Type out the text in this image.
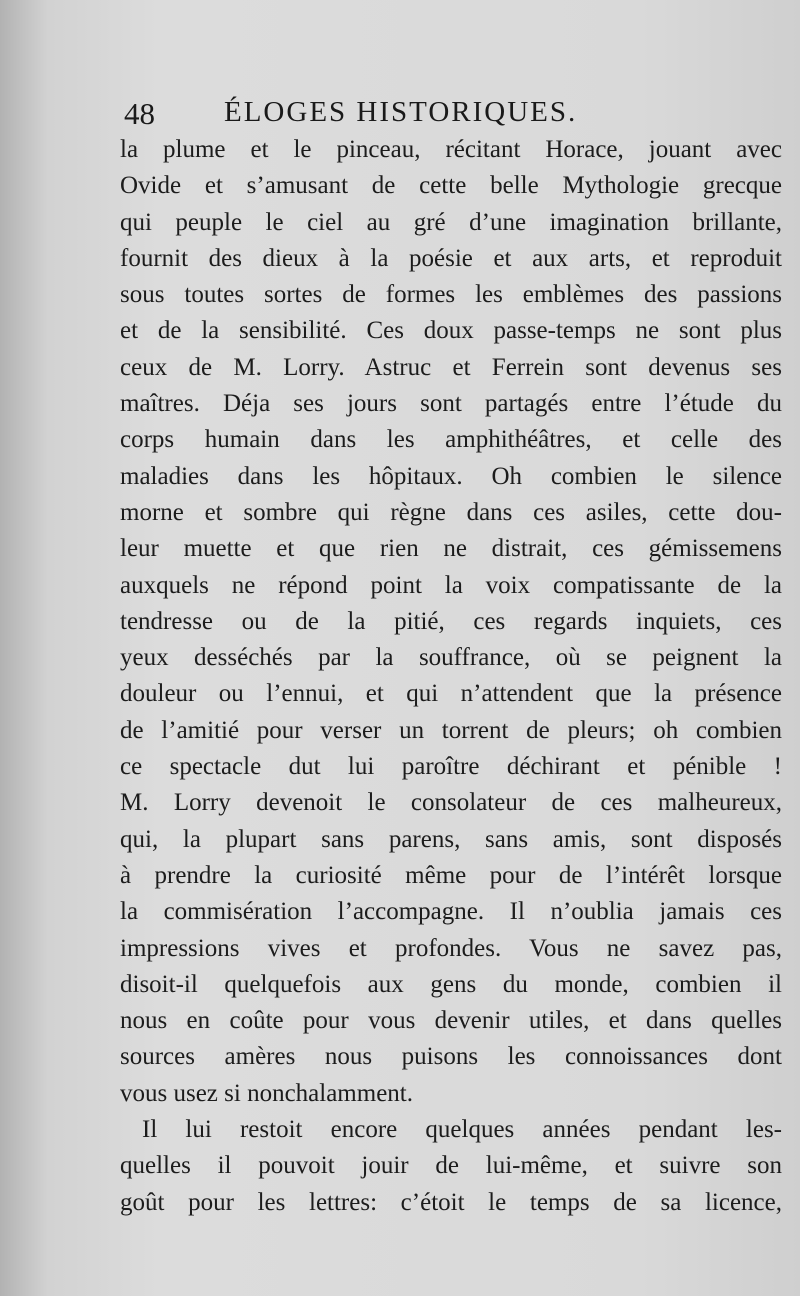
48 ÉLOGES HISTORIQUES.
la plume et le pinceau, récitant Horace, jouant avec
Ovide et s’amusant de cette belle Mythologie grecque
qui peuple le ciel au gré d’une imagination brillante,
fournit des dieux à la poésie et aux arts, et reproduit
sous toutes sortes de formes les emblèmes des passions
et de la sensibilité. Ces doux passe-temps ne sont plus
ceux de M. Lorry. Astruc et Ferrein sont devenus ses
maîtres. Déja ses jours sont partagés entre l’étude du
corps humain dans les amphithéâtres, et celle des
maladies dans les hôpitaux. Oh combien le silence
morne et sombre qui règne dans ces asiles, cette dou-
leur muette et que rien ne distrait, ces gémissemens
auxquels ne répond point la voix compatissante de la
tendresse ou de la pitié, ces regards inquiets, ces
yeux desséchés par la souffrance, où se peignent la
douleur ou l’ennui, et qui n’attendent que la présence
de l’amitié pour verser un torrent de pleurs; oh combien
ce spectacle dut lui paroître déchirant et pénible !
M. Lorry devenoit le consolateur de ces malheureux,
qui, la plupart sans parens, sans amis, sont disposés
à prendre la curiosité même pour de l’intérêt lorsque
la commisération l’accompagne. Il n’oublia jamais ces
impressions vives et profondes. Vous ne savez pas,
disoit-il quelquefois aux gens du monde, combien il
nous en coûte pour vous devenir utiles, et dans quelles
sources amères nous puisons les connoissances dont
vous usez si nonchalamment.
Il lui restoit encore quelques années pendant les-
quelles il pouvoit jouir de lui-même, et suivre son
goût pour les lettres: c’étoit le temps de sa licence,
